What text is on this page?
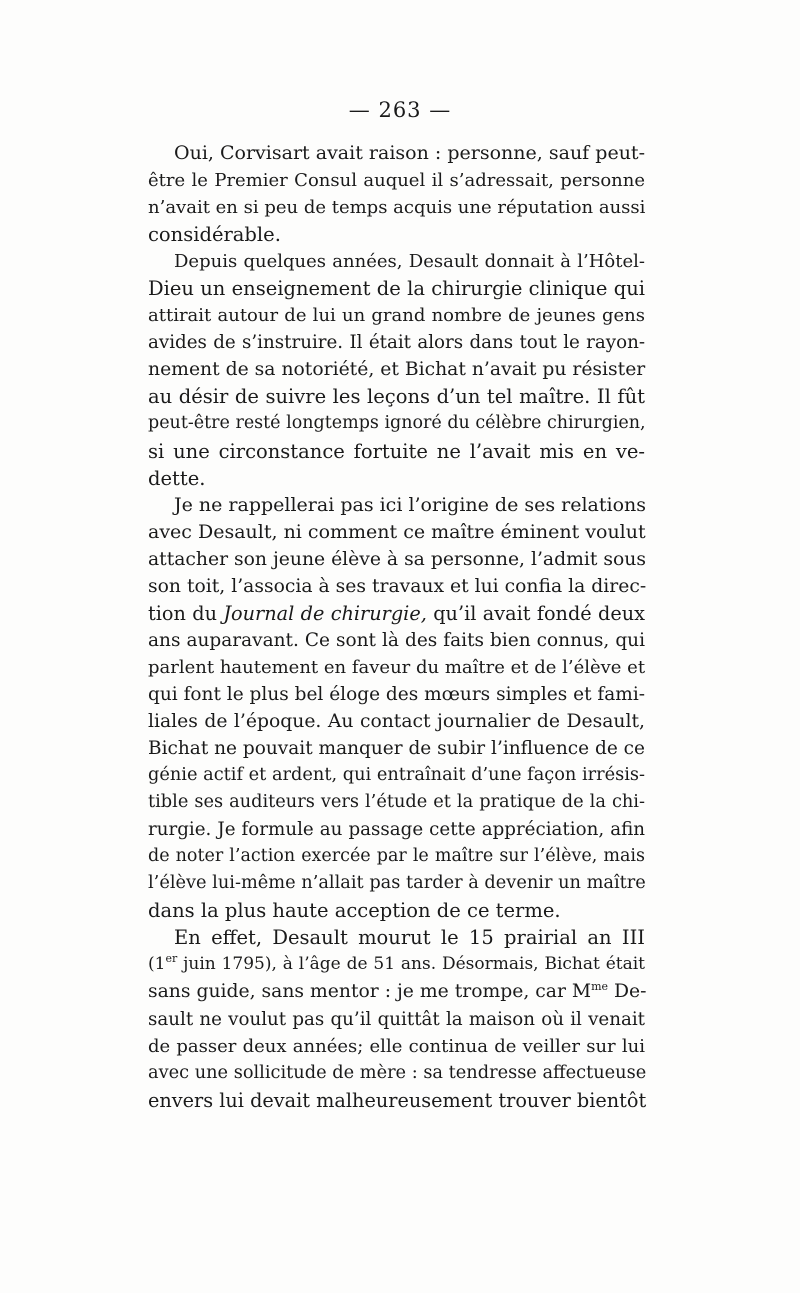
— 263 —
Oui, Corvisart avait raison : personne, sauf peut-
être le Premier Consul auquel il s’adressait, personne
n’avait en si peu de temps acquis une réputation aussi
considérable.
Depuis quelques années, Desault donnait à l’Hôtel-
Dieu un enseignement de la chirurgie clinique qui
attirait autour de lui un grand nombre de jeunes gens
avides de s’instruire. Il était alors dans tout le rayon-
nement de sa notoriété, et Bichat n’avait pu résister
au désir de suivre les leçons d’un tel maître. Il fût
peut-être resté longtemps ignoré du célèbre chirurgien,
si une circonstance fortuite ne l’avait mis en ve-
dette.
Je ne rappellerai pas ici l’origine de ses relations
avec Desault, ni comment ce maître éminent voulut
attacher son jeune élève à sa personne, l’admit sous
son toit, l’associa à ses travaux et lui confia la direc-
tion du Journal de chirurgie, qu’il avait fondé deux
ans auparavant. Ce sont là des faits bien connus, qui
parlent hautement en faveur du maître et de l’élève et
qui font le plus bel éloge des mœurs simples et fami-
liales de l’époque. Au contact journalier de Desault,
Bichat ne pouvait manquer de subir l’influence de ce
génie actif et ardent, qui entraînait d’une façon irrésis-
tible ses auditeurs vers l’étude et la pratique de la chi-
rurgie. Je formule au passage cette appréciation, afin
de noter l’action exercée par le maître sur l’élève, mais
l’élève lui-même n’allait pas tarder à devenir un maître
dans la plus haute acception de ce terme.
En effet, Desault mourut le 15 prairial an III
(1er juin 1795), à l’âge de 51 ans. Désormais, Bichat était
sans guide, sans mentor : je me trompe, car $M^{me}$ De-
sault ne voulut pas qu’il quittât la maison où il venait
de passer deux années; elle continua de veiller sur lui
avec une sollicitude de mère : sa tendresse affectueuse
envers lui devait malheureusement trouver bientôt
